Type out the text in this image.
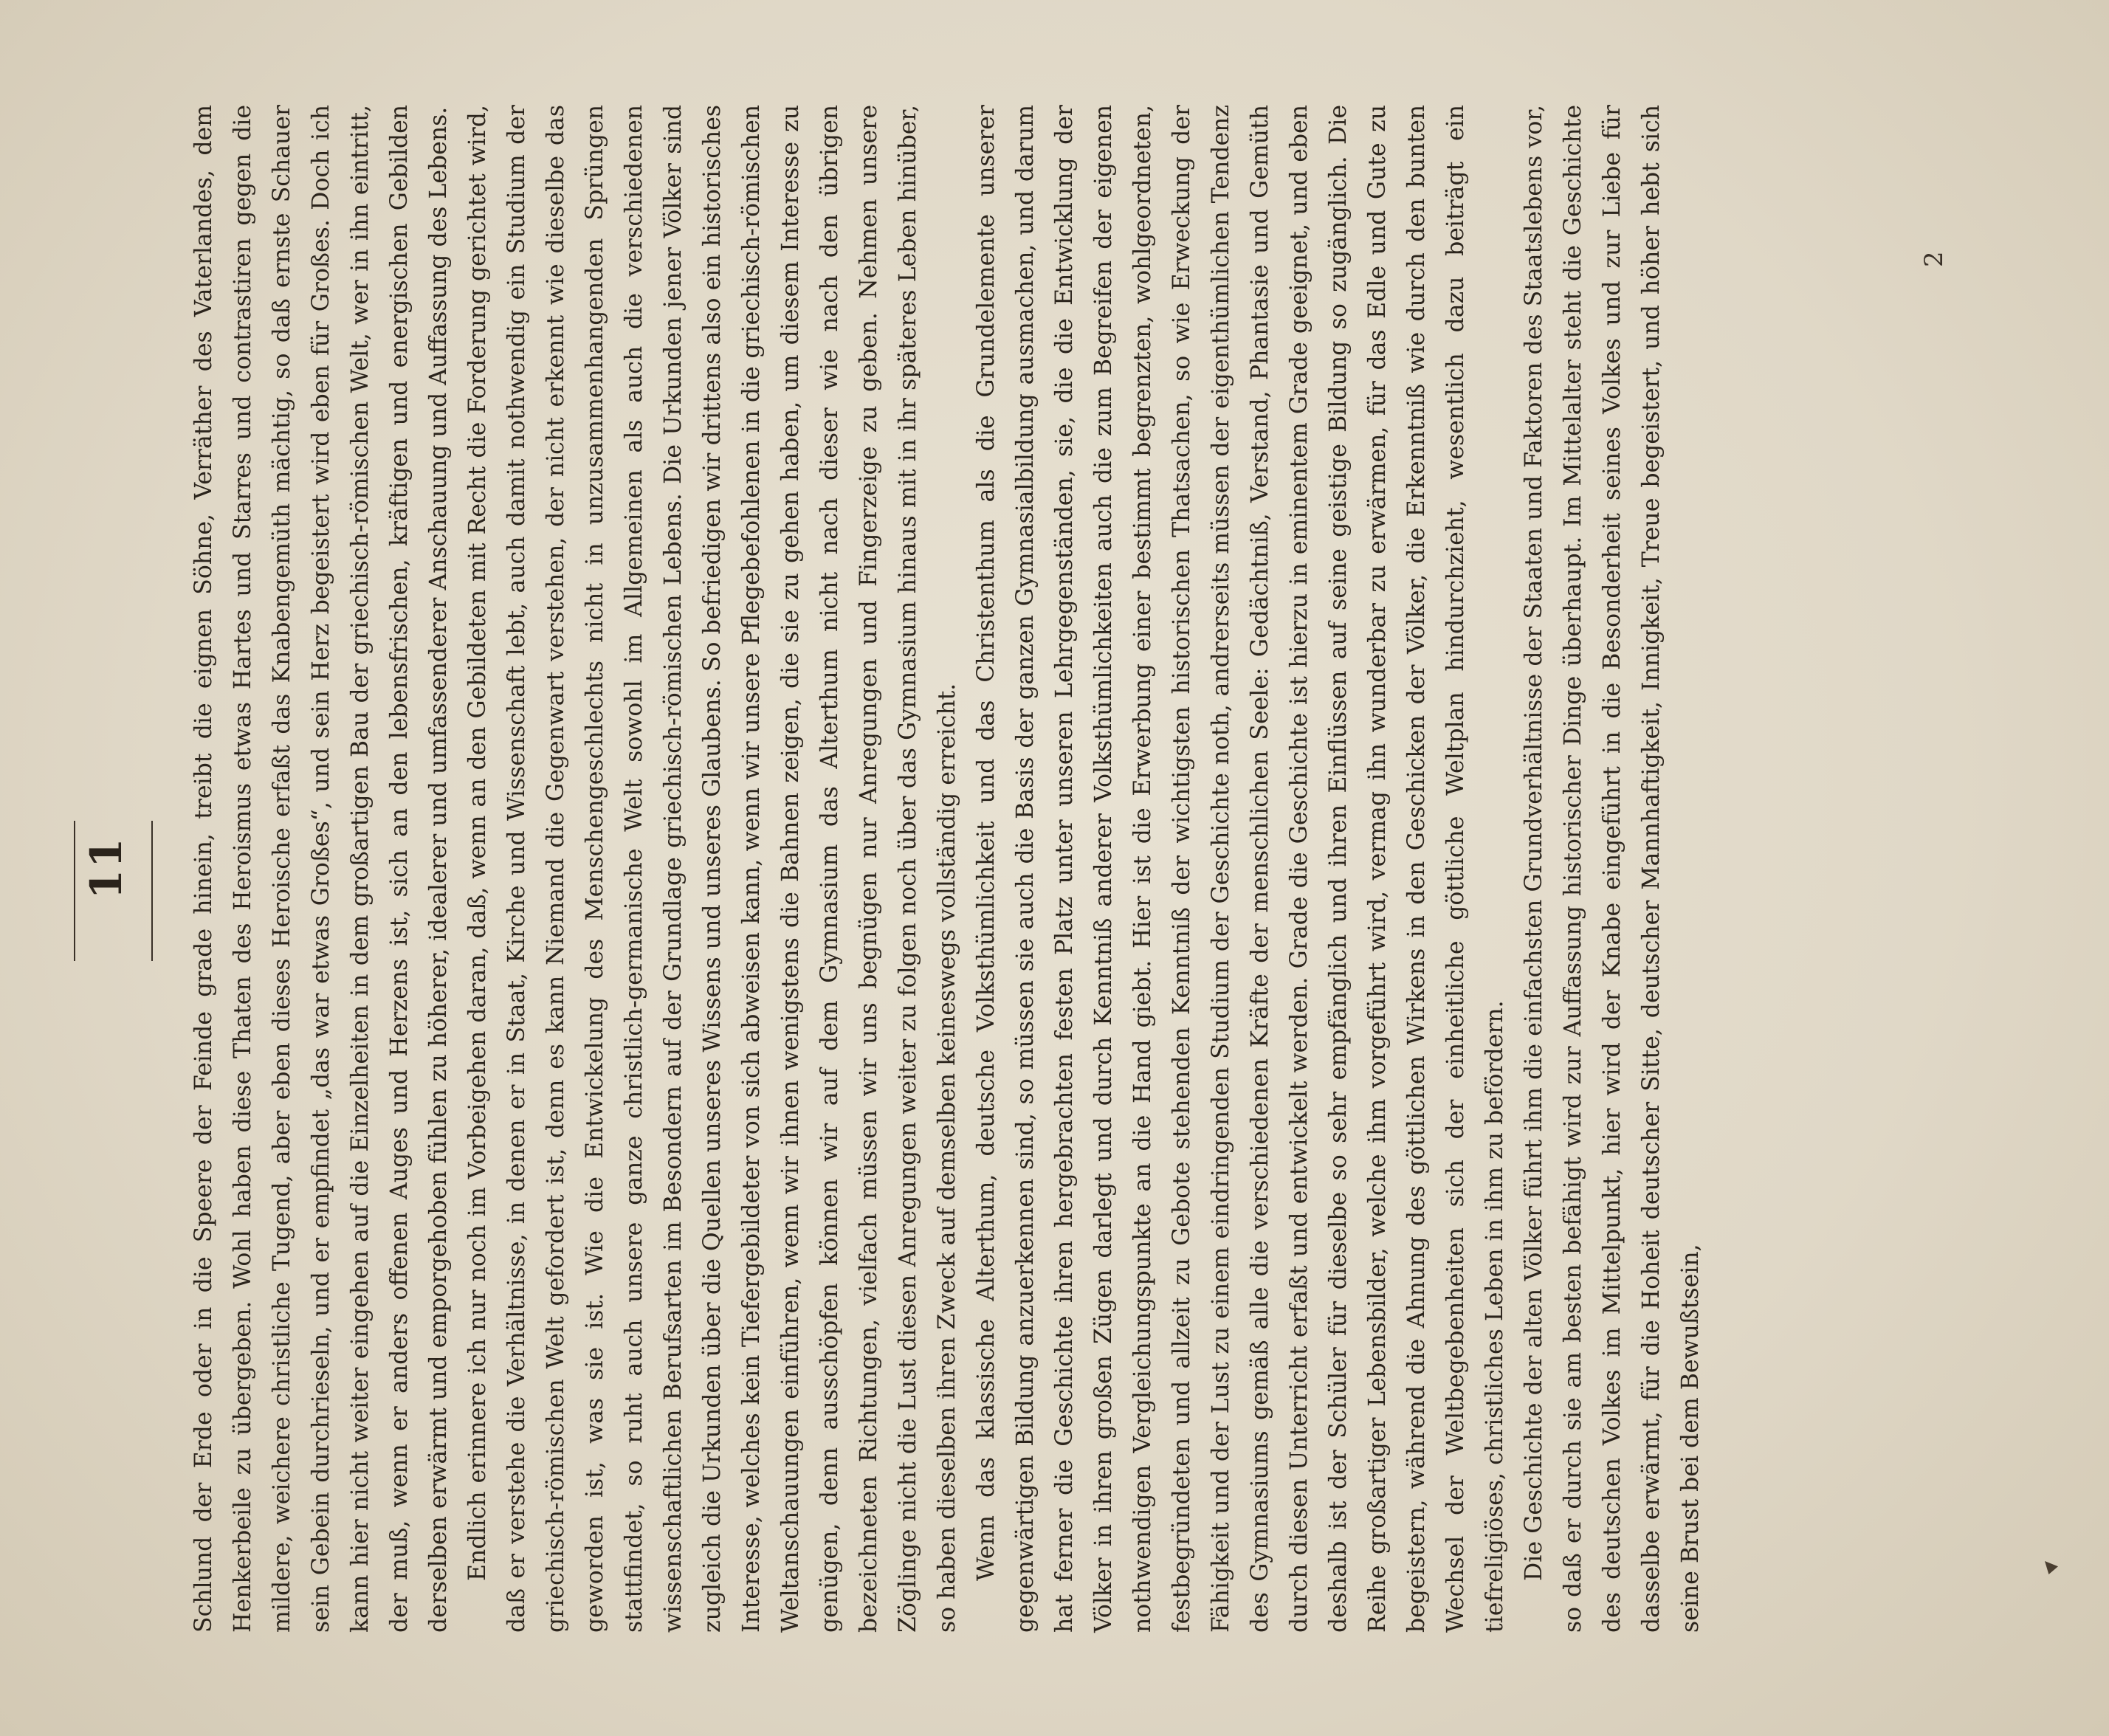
11	Schlund der Erde oder in die Speere der Feinde grade hinein, treibt die eignen Söhne, Verräther des Vaterlandes, dem Henkerbeile zu übergeben. Wohl haben diese Thaten des Heroismus etwas Hartes und Starres und contrastiren gegen die mildere, weichere christliche Tugend, aber eben dieses Heroische erfaßt das Knabengemüth mächtig, so daß ernste Schauer sein Gebein durchrieseln, und er empfindet „das war etwas Großes“, und sein Herz begeistert wird eben für Großes. Doch ich kann hier nicht weiter eingehen auf die Einzelheiten in dem großartigen Bau der griechisch-römischen Welt, wer in ihn eintritt, der muß, wenn er anders offenen Auges und Herzens ist, sich an den lebensfrischen, kräftigen und energischen Gebilden derselben erwärmt und emporgehoben fühlen zu höherer, idealerer und umfassenderer Anschauung und Auffassung des Lebens. Endlich erinnere ich nur noch im Vorbeigehen daran, daß, wenn an den Gebildeten mit Recht die Forderung gerichtet wird, daß er verstehe die Verhältnisse, in denen er in Staat, Kirche und Wissenschaft lebt, auch damit nothwendig ein Studium der griechisch-römischen Welt gefordert ist, denn es kann Niemand die Gegenwart verstehen, der nicht erkennt wie dieselbe das geworden ist, was sie ist. Wie die Entwickelung des Menschengeschlechts nicht in unzusammenhangenden Sprüngen stattfindet, so ruht auch unsere ganze christlich-germanische Welt sowohl im Allgemeinen als auch die verschiedenen wissenschaftlichen Berufsarten im Besondern auf der Grundlage griechisch-römischen Lebens. Die Urkunden jener Völker sind zugleich die Urkunden über die Quellen unseres Wissens und unseres Glaubens. So befriedigen wir drittens also ein historisches Interesse, welches kein Tiefergebildeter von sich abweisen kann, wenn wir unsere Pflegebefohlenen in die griechisch-römischen Weltanschauungen einführen, wenn wir ihnen wenigstens die Bahnen zeigen, die sie zu gehen haben, um diesem Interesse zu genügen, denn ausschöpfen können wir auf dem Gymnasium das Alterthum nicht nach dieser wie nach den übrigen bezeichneten Richtungen, vielfach müssen wir uns begnügen nur Anregungen und Fingerzeige zu geben. Nehmen unsere Zöglinge nicht die Lust diesen Anregungen weiter zu folgen noch über das Gymnasium hinaus mit in ihr späteres Leben hinüber, so haben dieselben ihren Zweck auf demselben keineswegs vollständig erreicht. Wenn das klassische Alterthum, deutsche Volksthümlichkeit und das Christenthum als die Grundelemente unserer gegenwärtigen Bildung anzuerkennen sind, so müssen sie auch die Basis der ganzen Gymnasialbildung ausmachen, und darum hat ferner die Geschichte ihren hergebrachten festen Platz unter unseren Lehrgegenständen, sie, die die Entwicklung der Völker in ihren großen Zügen darlegt und durch Kenntniß anderer Volksthümlichkeiten auch die zum Begreifen der eigenen nothwendigen Vergleichungspunkte an die Hand giebt. Hier ist die Erwerbung einer bestimmt begrenzten, wohlgeordneten, festbegründeten und allzeit zu Gebote stehenden Kenntniß der wichtigsten historischen Thatsachen, so wie Erweckung der Fähigkeit und der Lust zu einem eindringenden Studium der Geschichte noth, andrerseits müssen der eigenthümlichen Tendenz des Gymnasiums gemäß alle die verschiedenen Kräfte der menschlichen Seele: Gedächtniß, Verstand, Phantasie und Gemüth durch diesen Unterricht erfaßt und entwickelt werden. Grade die Geschichte ist hierzu in eminentem Grade geeignet, und eben deshalb ist der Schüler für dieselbe so sehr empfänglich und ihren Einflüssen auf seine geistige Bildung so zugänglich. Die Reihe großartiger Lebensbilder, welche ihm vorgeführt wird, vermag ihn wunderbar zu erwärmen, für das Edle und Gute zu begeistern, während die Ahnung des göttlichen Wirkens in den Geschicken der Völker, die Erkenntniß wie durch den bunten Wechsel der Weltbegebenheiten sich der einheitliche göttliche Weltplan hindurchzieht, wesentlich dazu beiträgt ein tiefreligiöses, christliches Leben in ihm zu befördern. Die Geschichte der alten Völker führt ihm die einfachsten Grundverhältnisse der Staaten und Faktoren des Staatslebens vor, so daß er durch sie am besten befähigt wird zur Auffassung historischer Dinge überhaupt. Im Mittelalter steht die Geschichte des deutschen Volkes im Mittelpunkt, hier wird der Knabe eingeführt in die Besonderheit seines Volkes und zur Liebe für dasselbe erwärmt, für die Hoheit deutscher Sitte, deutscher Mannhaftigkeit, Innigkeit, Treue begeistert, und höher hebt sich seine Brust bei dem Bewußtsein,

2
